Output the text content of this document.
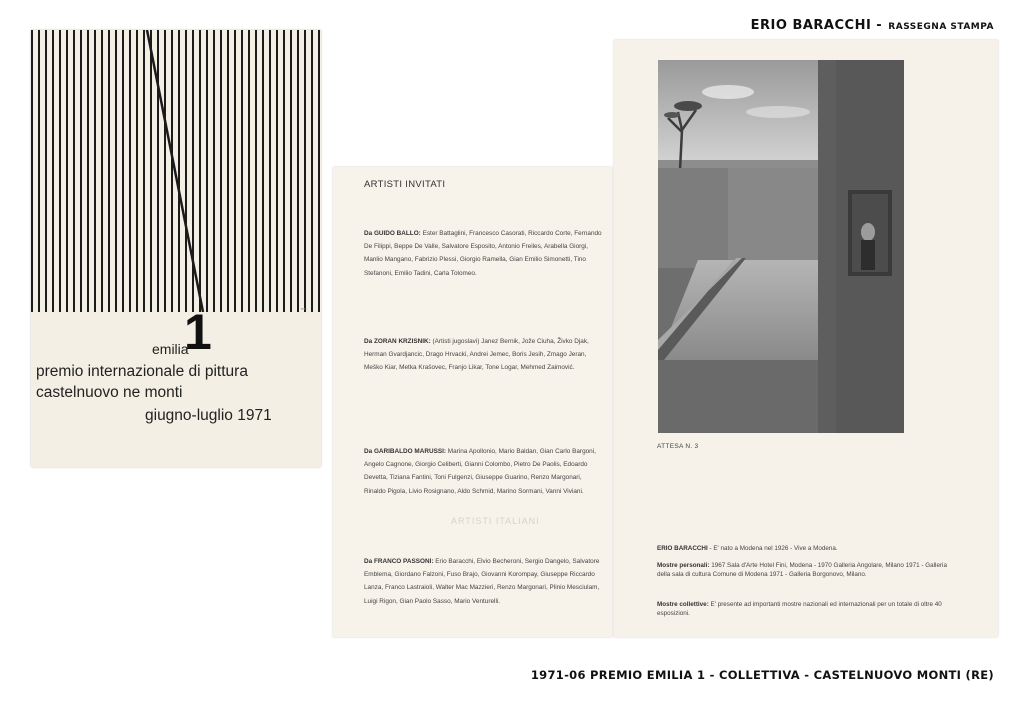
ERIO BARACCHI - RASSEGNA STAMPA
▪▪▪▪
emilia
1
premio internazionale di pittura
castelnuovo ne monti
giugno-luglio 1971
ARTISTI INVITATI
Da GUIDO BALLO: Ester Battaglini, Francesco Casorati, Riccardo Corte, Fernando De Filippi, Beppe De Valle, Salvatore Esposito, Antonio Freiles, Arabella Giorgi, Manlio Mangano, Fabrizio Plessi, Giorgio Ramella, Gian Emilio Simonetti, Tino Stefanoni, Emilio Tadini, Carla Tolomeo.
Da ZORAN KRZISNIK: (Artisti jugoslavi) Janez Bernik, Jože Ciuha, Živko Djak, Herman Gvardjancic, Drago Hrvacki, Andrei Jemec, Boris Jesih, Zmago Jeran, Meško Kiar, Metka Krašovec, Franjo Likar, Tone Logar, Mehmed Zaimović.
Da GARIBALDO MARUSSI: Marina Apollonio, Mario Baldan, Gian Carlo Bargoni, Angelo Cagnone, Giorgio Celiberti, Gianni Colombo, Pietro De Paolis, Edoardo Devetta, Tiziana Fantini, Toni Fulgenzi, Giuseppe Guarino, Renzo Margonari, Rinaldo Pigola, Livio Rosignano, Aldo Schmid, Marino Sormani, Vanni Viviani.
ARTISTI ITALIANI
Da FRANCO PASSONI: Erio Baracchi, Elvio Becheroni, Sergio Dangelo, Salvatore Emblema, Giordano Falzoni, Fuso Brajo, Giovanni Korompay, Giuseppe Riccardo Lanza, Franco Lastraioli, Walter Mac Mazzieri, Renzo Margonari, Plinio Mesciulam, Luigi Rigon, Gian Paolo Sasso, Mario Venturelli.
ATTESA N. 3
ERIO BARACCHI - E' nato a Modena nel 1926 - Vive a Modena.
Mostre personali: 1967 Sala d'Arte Hotel Fini, Modena - 1970 Galleria Angolare, Milano 1971 - Galleria della sala di cultura Comune di Modena 1971 - Galleria Borgonovo, Milano.
Mostre collettive: E' presente ad importanti mostre nazionali ed internazionali per un totale di oltre 40 esposizioni.
1971-06 PREMIO EMILIA 1 - COLLETTIVA - CASTELNUOVO MONTI (RE)
